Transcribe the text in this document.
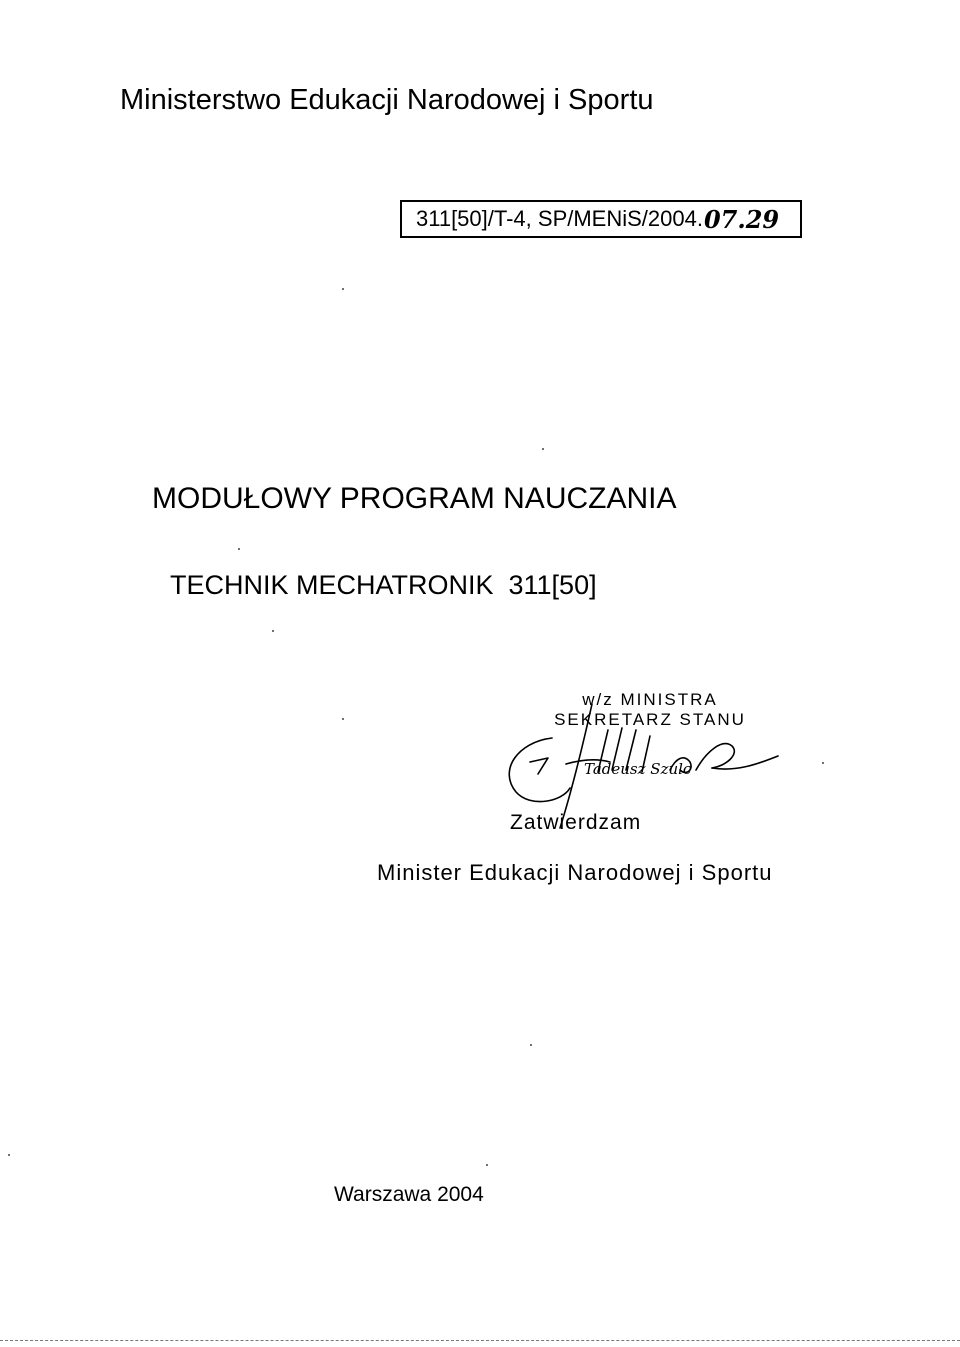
Ministerstwo Edukacji Narodowej i Sportu
311[50]/T-4, SP/MENiS/2004. 07.29
MODUŁOWY PROGRAM NAUCZANIA
TECHNIK MECHATRONIK  311[50]
w/z MINISTRA
SEKRETARZ STANU
Tadeusz Szulc
Zatwierdzam
Minister Edukacji Narodowej i Sportu
Warszawa 2004
